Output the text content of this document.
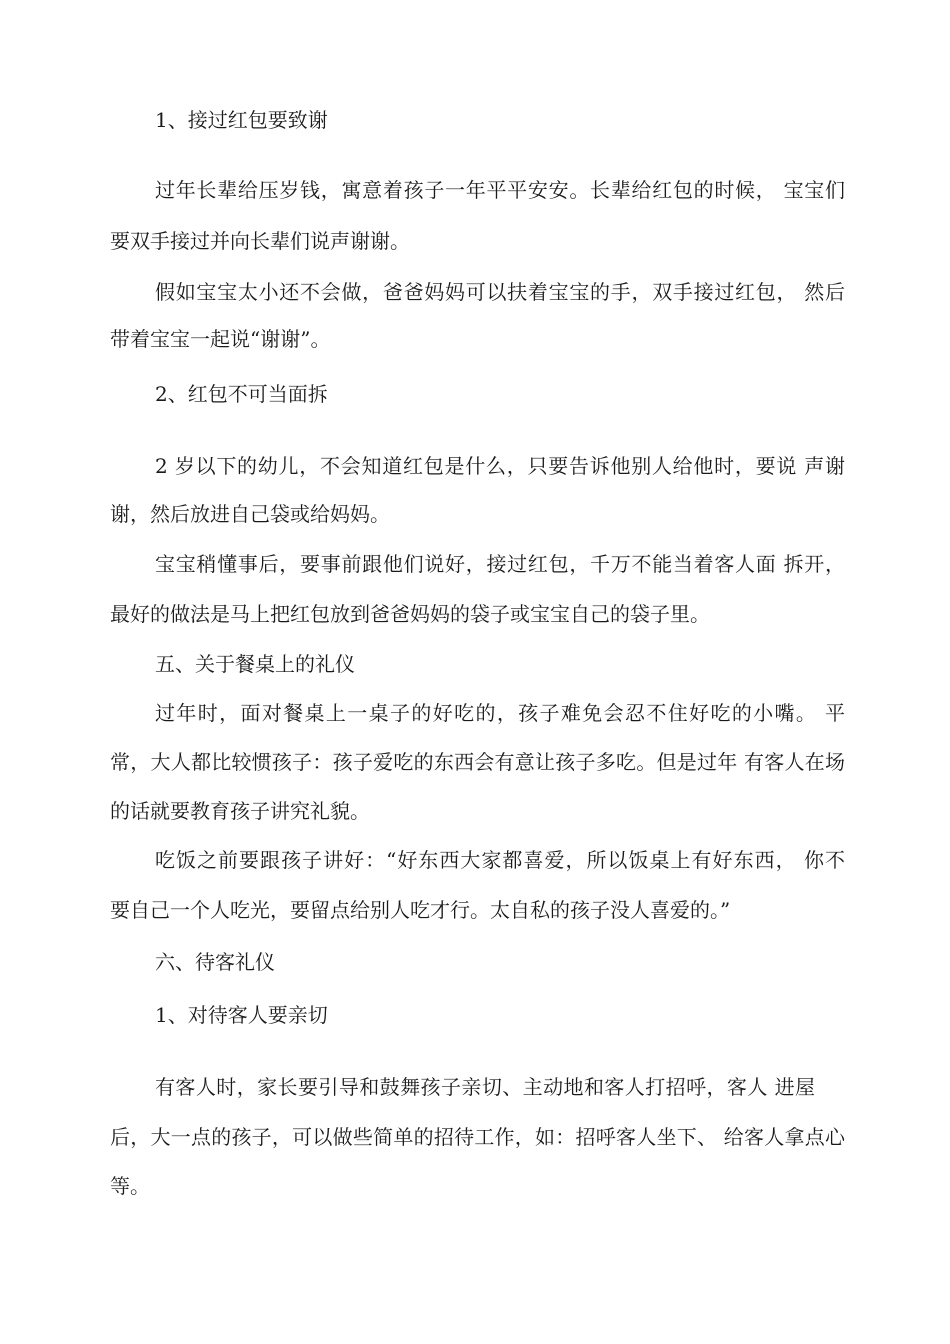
1、接过红包要致谢
过年长辈给压岁钱，寓意着孩子一年平平安安。长辈给红包的时候， 宝宝们
要双手接过并向长辈们说声谢谢。
假如宝宝太小还不会做，爸爸妈妈可以扶着宝宝的手，双手接过红包， 然后
带着宝宝一起说“谢谢”。
2、红包不可当面拆
2 岁以下的幼儿，不会知道红包是什么，只要告诉他别人给他时，要说 声谢
谢，然后放进自己袋或给妈妈。
宝宝稍懂事后，要事前跟他们说好，接过红包，千万不能当着客人面 拆开，
最好的做法是马上把红包放到爸爸妈妈的袋子或宝宝自己的袋子里。
五、关于餐桌上的礼仪
过年时，面对餐桌上一桌子的好吃的，孩子难免会忍不住好吃的小嘴。 平
常，大人都比较惯孩子：孩子爱吃的东西会有意让孩子多吃。但是过年 有客人在场
的话就要教育孩子讲究礼貌。
吃饭之前要跟孩子讲好：“好东西大家都喜爱，所以饭桌上有好东西， 你不
要自己一个人吃光，要留点给别人吃才行。太自私的孩子没人喜爱的。”
六、待客礼仪
1、对待客人要亲切
有客人时，家长要引导和鼓舞孩子亲切、主动地和客人打招呼，客人 进屋
后，大一点的孩子，可以做些简单的招待工作，如：招呼客人坐下、 给客人拿点心
等。
